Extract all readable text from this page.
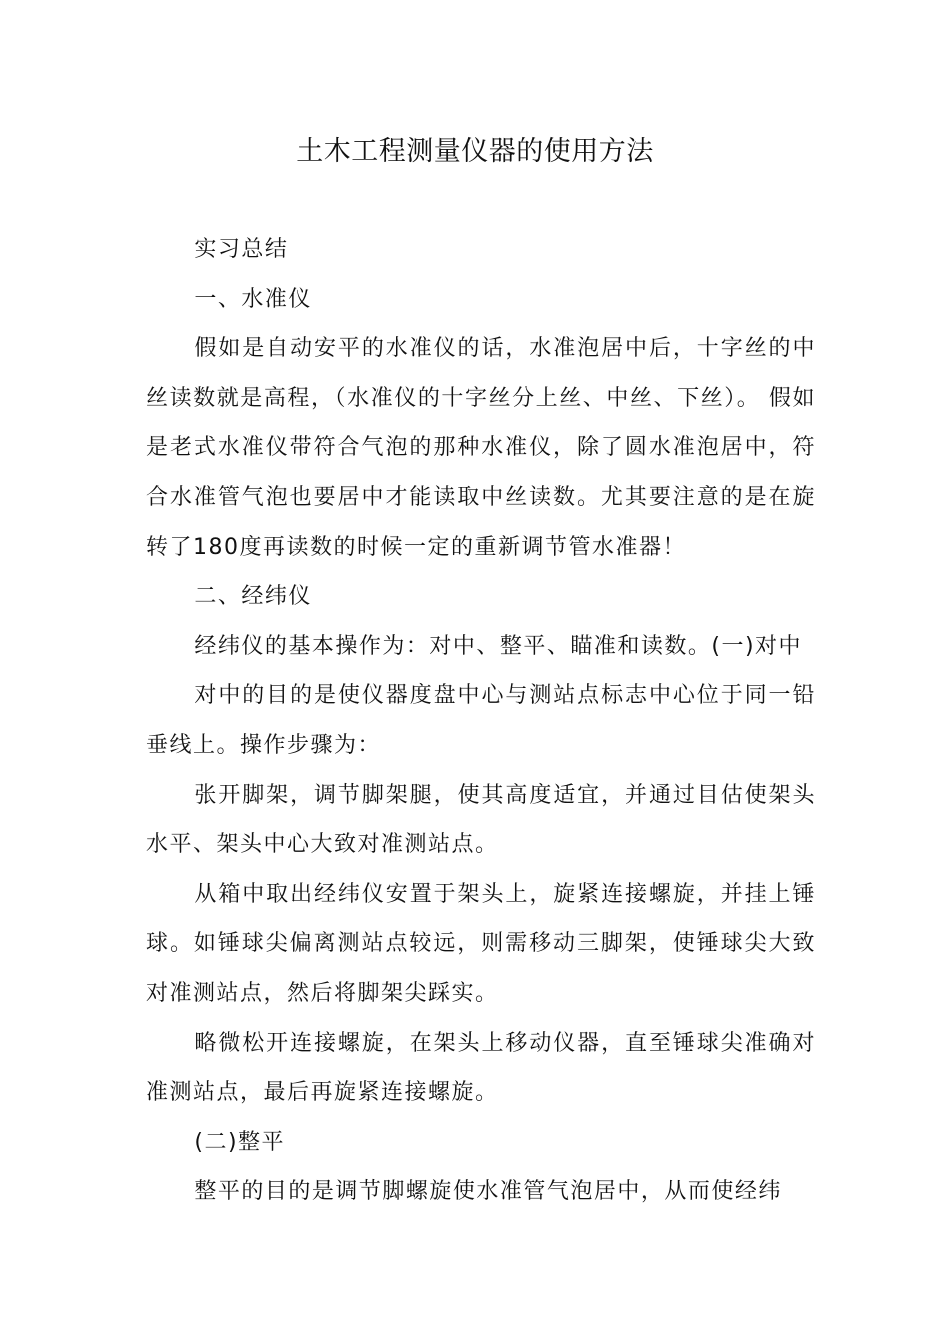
土木工程测量仪器的使用方法

实习总结

一、水准仪

假如是自动安平的水准仪的话，水准泡居中后，十字丝的中丝读数就是高程，（水准仪的十字丝分上丝、中丝、下丝）。 假如是老式水准仪带符合气泡的那种水准仪，除了圆水准泡居中，符合水准管气泡也要居中才能读取中丝读数。尤其要注意的是在旋转了180度再读数的时候一定的重新调节管水准器！

二、经纬仪

经纬仪的基本操作为：对中、整平、瞄准和读数。(一)对中

对中的目的是使仪器度盘中心与测站点标志中心位于同一铅垂线上。操作步骤为：

张开脚架，调节脚架腿，使其高度适宜，并通过目估使架头水平、架头中心大致对准测站点。

从箱中取出经纬仪安置于架头上，旋紧连接螺旋，并挂上锤球。如锤球尖偏离测站点较远，则需移动三脚架，使锤球尖大致对准测站点，然后将脚架尖踩实。

略微松开连接螺旋，在架头上移动仪器，直至锤球尖准确对准测站点，最后再旋紧连接螺旋。

(二)整平

整平的目的是调节脚螺旋使水准管气泡居中，从而使经纬
